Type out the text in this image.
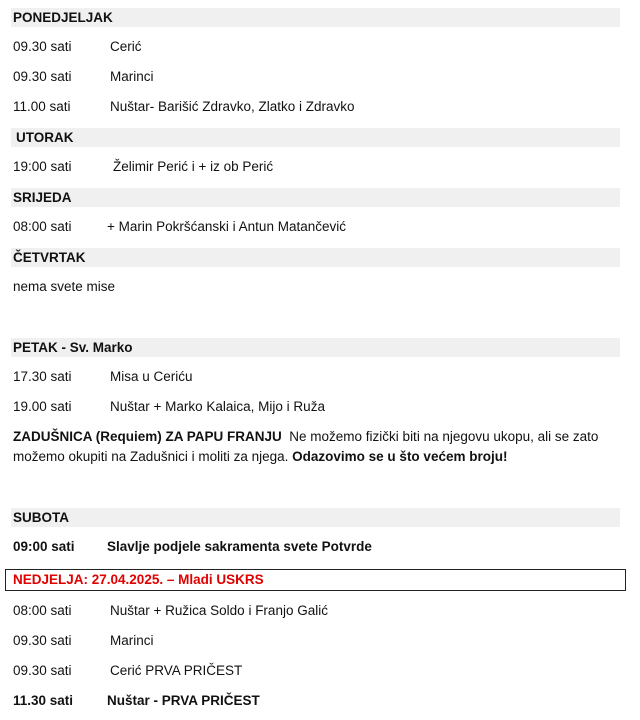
PONEDJELJAK
09.30 sati	Cerić
09.30 sati	Marinci
11.00 sati	Nuštar- Barišić Zdravko, Zlatko i Zdravko
UTORAK
19:00 sati	Želimir Perić i + iz ob Perić
SRIJEDA
08:00 sati	+ Marin Pokršćanski i Antun Matančević
ČETVRTAK
nema svete mise
PETAK - Sv. Marko
17.30 sati	Misa u Ceriću
19.00 sati	Nuštar + Marko Kalaica, Mijo i Ruža
ZADUŠNICA (Requiem) ZA PAPU FRANJU Ne možemo fizički biti na njegovu ukopu, ali se zato možemo okupiti na Zadušnici i moliti za njega. Odazovimo se u što većem broju!
SUBOTA
09:00 sati Slavlje podjele sakramenta svete Potvrde
NEDJELJA: 27.04.2025. – Mladi USKRS
08:00 sati	Nuštar + Ružica Soldo i Franjo Galić
09.30 sati	Marinci
09.30 sati	Cerić PRVA PRIČEST
11.30 sati	Nuštar - PRVA PRIČEST
